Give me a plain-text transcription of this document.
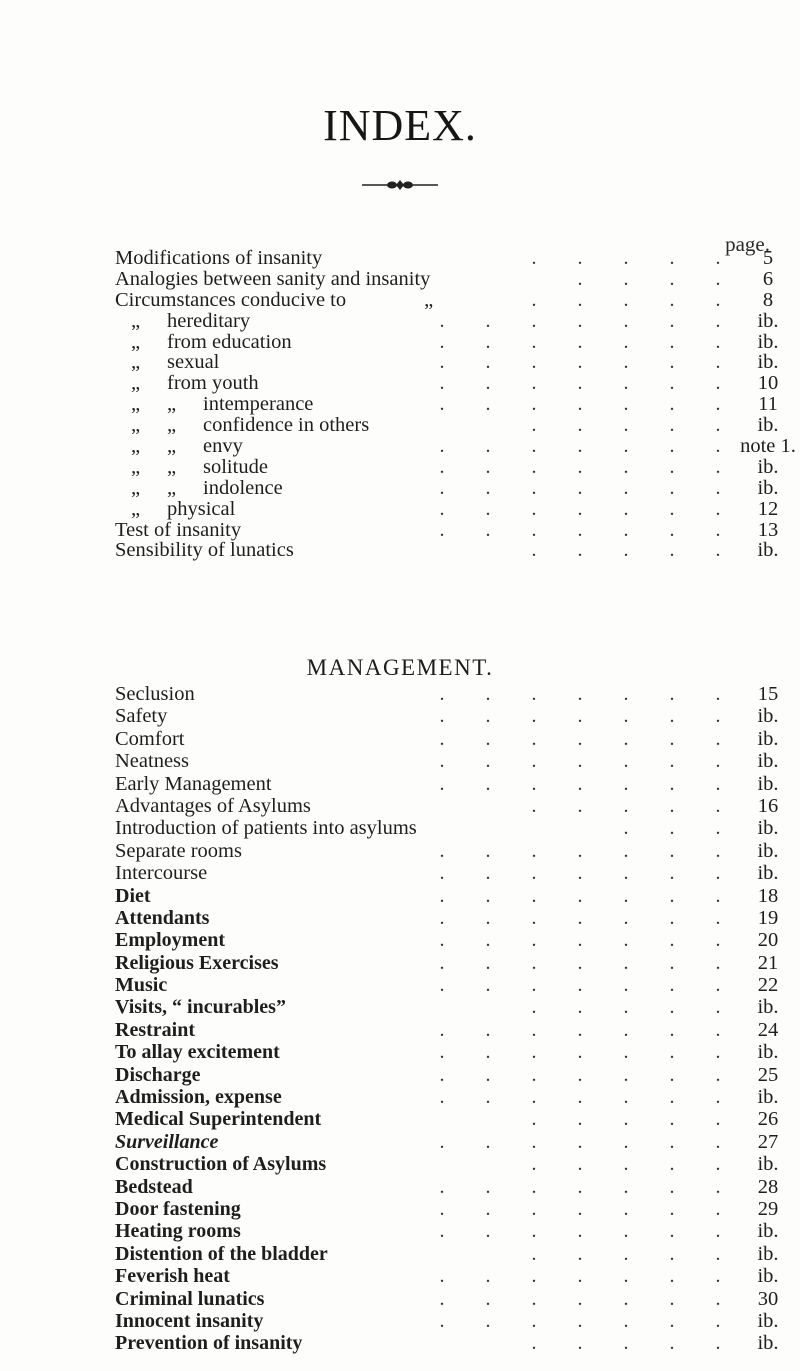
INDEX.
page.
Modifications of insanity	5
. . . . .
Analogies between sanity and insanity	6
. . . .
Circumstances conducive to	„	8
. . . . .
„ hereditary	ib.
. . . . . . .
„ from education	ib.
. . . . . . .
„ sexual	ib.
. . . . . . .
„ from youth	10
. . . . . . .
„ „ intemperance	11
. . . . . . .
„ „ confidence in others	ib.
. . . . .
„ „ envy	note 1.
. . . . . . .
„ „ solitude	ib.
. . . . . . .
„ „ indolence	ib.
. . . . . . .
„ physical	12
. . . . . . .
Test of insanity	13
. . . . . . .
Sensibility of lunatics	ib.
. . . . .
MANAGEMENT.
Seclusion	15
. . . . . . .
Safety	ib.
. . . . . . .
Comfort	ib.
. . . . . . .
Neatness	ib.
. . . . . . .
Early Management	ib.
. . . . . . .
Advantages of Asylums	16
. . . . .
Introduction of patients into asylums	ib.
. . .
Separate rooms	ib.
. . . . . . .
Intercourse	ib.
. . . . . . .
Diet	18
. . . . . . .
Attendants	19
. . . . . . .
Employment	20
. . . . . . .
Religious Exercises	21
. . . . . . .
Music	22
. . . . . . .
Visits, “ incurables”	ib.
. . . . .
Restraint	24
. . . . . . .
To allay excitement	ib.
. . . . . . .
Discharge	25
. . . . . . .
Admission, expense	ib.
. . . . . . .
Medical Superintendent	26
. . . . .
Surveillance	27
. . . . . . .
Construction of Asylums	ib.
. . . . .
Bedstead	28
. . . . . . .
Door fastening	29
. . . . . . .
Heating rooms	ib.
. . . . . . .
Distention of the bladder	ib.
. . . . .
Feverish heat	ib.
. . . . . . .
Criminal lunatics	30
. . . . . . .
Innocent insanity	ib.
. . . . . . .
Prevention of insanity	ib.
. . . . .
